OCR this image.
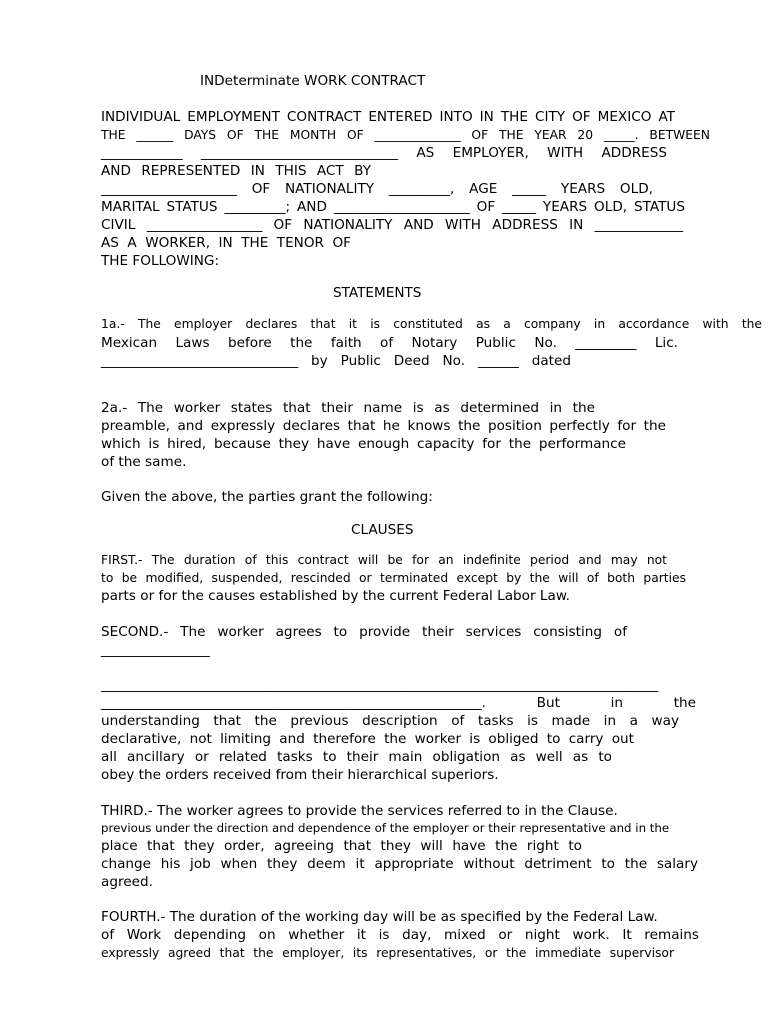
INDeterminate WORK CONTRACT

INDIVIDUAL EMPLOYMENT CONTRACT ENTERED INTO IN THE CITY OF MEXICO AT

THE ______ DAYS OF THE MONTH OF ______________ OF THE YEAR 20 _____. BETWEEN

____________ _____________________________ AS EMPLOYER, WITH ADDRESS

AND REPRESENTED IN THIS ACT BY

____________________ OF NATIONALITY _________, AGE _____ YEARS OLD,

MARITAL STATUS _________; AND ____________________ OF _____ YEARS OLD, STATUS

CIVIL _________________ OF NATIONALITY AND WITH ADDRESS IN _____________

AS A WORKER, IN THE TENOR OF

THE FOLLOWING:

STATEMENTS

1a.- The employer declares that it is constituted as a company in accordance with the

Mexican Laws before the faith of Notary Public No. _________ Lic.

_____________________________ by Public Deed No. ______ dated

2a.- The worker states that their name is as determined in the

preamble, and expressly declares that he knows the position perfectly for the

which is hired, because they have enough capacity for the performance

of the same.

Given the above, the parties grant the following:

CLAUSES

FIRST.- The duration of this contract will be for an indefinite period and may not

to be modified, suspended, rescinded or terminated except by the will of both parties

parts or for the causes established by the current Federal Labor Law.

SECOND.- The worker agrees to provide their services consisting of

________________

__________________________________________________________________________________

________________________________________________________. But in the

understanding that the previous description of tasks is made in a way

declarative, not limiting and therefore the worker is obliged to carry out

all ancillary or related tasks to their main obligation as well as to

obey the orders received from their hierarchical superiors.

THIRD.- The worker agrees to provide the services referred to in the Clause.

previous under the direction and dependence of the employer or their representative and in the

place that they order, agreeing that they will have the right to

change his job when they deem it appropriate without detriment to the salary

agreed.

FOURTH.- The duration of the working day will be as specified by the Federal Law.

of Work depending on whether it is day, mixed or night work. It remains

expressly agreed that the employer, its representatives, or the immediate supervisor
